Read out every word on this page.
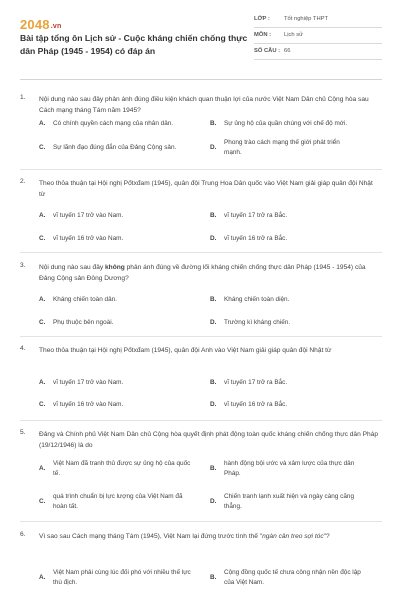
2048.vn
Bài tập tổng ôn Lịch sử - Cuộc kháng chiến chống thực dân Pháp (1945 - 1954) có đáp án
LỚP : Tốt nghiệp THPT
MÔN : Lịch sử
SỐ CÂU : 66
1. Nội dung nào sau đây phản ánh đúng điều kiện khách quan thuận lợi của nước Việt Nam Dân chủ Cộng hòa sau Cách mạng tháng Tám năm 1945?
A. Có chính quyền cách mạng của nhân dân.	B. Sự ủng hộ của quần chúng với chế độ mới.
C. Sự lãnh đạo đúng đắn của Đảng Cộng sản.	D.
Phong trào cách mạng thế giới phát triển mạnh.
2. Theo thỏa thuận tại Hội nghị Pốtxđam (1945), quân đội Trung Hoa Dân quốc vào Việt Nam giải giáp quân đội Nhật từ
A. vĩ tuyến 17 trở vào Nam.	B. vĩ tuyến 17 trở ra Bắc.
C. vĩ tuyến 16 trở vào Nam.	D. vĩ tuyến 16 trở ra Bắc.
3. Nội dung nào sau đây không phản ánh đúng về đường lối kháng chiến chống thực dân Pháp (1945 - 1954) của Đảng Cộng sản Đông Dương?
A. Kháng chiến toàn dân.	B. Kháng chiến toàn diện.
C. Phụ thuộc bên ngoài.	D. Trường kì kháng chiến.
4. Theo thỏa thuận tại Hội nghị Pốtxđam (1945), quân đội Anh vào Việt Nam giải giáp quân đội Nhật từ
A. vĩ tuyến 17 trở vào Nam.	B. vĩ tuyến 17 trở ra Bắc.
C. vĩ tuyến 16 trở vào Nam.	D. vĩ tuyến 16 trở ra Bắc.
5. Đảng và Chính phủ Việt Nam Dân chủ Cộng hòa quyết định phát động toàn quốc kháng chiến chống thực dân Pháp (19/12/1946) là do
A.
Việt Nam đã tranh thủ được sự ủng hộ của quốc tế.
B.
hành động bội ước và xâm lược của thực dân Pháp.
C.
quá trình chuẩn bị lực lượng của Việt Nam đã hoàn tất.
D.
Chiến tranh lạnh xuất hiện và ngày càng căng thẳng.
6. Vì sao sau Cách mạng tháng Tám (1945), Việt Nam lại đứng trước tình thế "ngàn cân treo sợi tóc"?
A.
Việt Nam phải cùng lúc đối phó với nhiều thế lực thù địch.
B.
Cộng đồng quốc tế chưa công nhận nền độc lập của Việt Nam.
